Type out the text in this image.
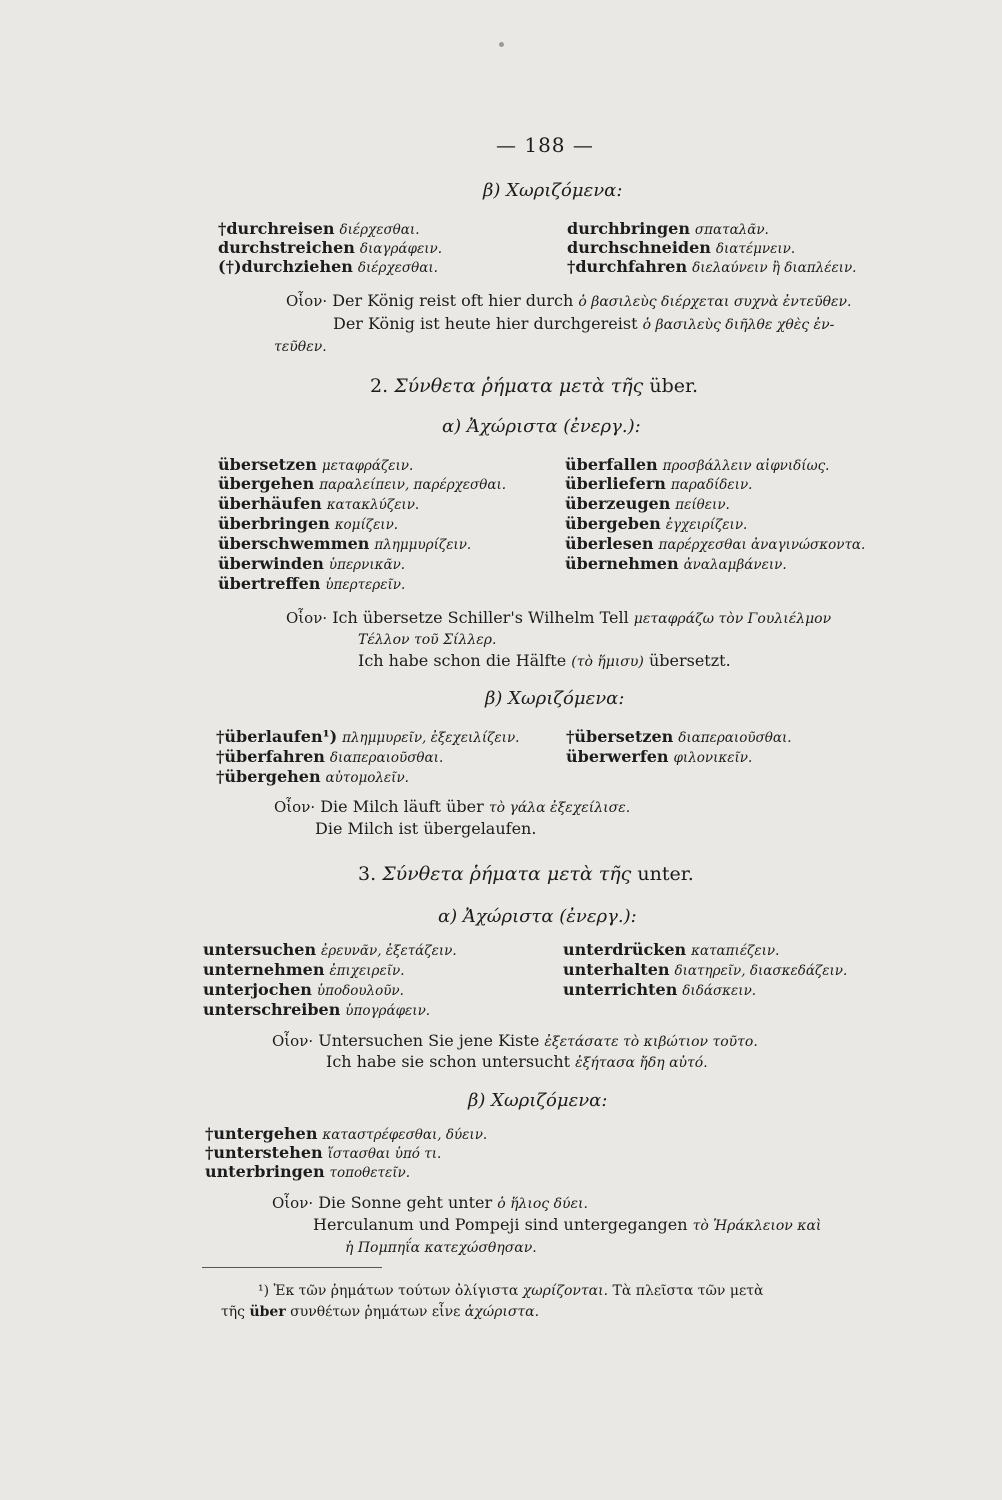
— 188 —
β) Χωριζόμενα:
†durchreisen διέρχεσθαι.
durchstreichen διαγράφειν.
(†)durchziehen διέρχεσθαι.
durchbringen σπαταλᾶν.
durchschneiden διατέμνειν.
†durchfahren διελαύνειν ἢ διαπλέειν.
Οἷον· Der König reist oft hier durch ὁ βασιλεὺς διέρχεται συχνὰ ἐντεῦθεν.
Der König ist heute hier durchgereist ὁ βασιλεὺς διῆλθε χθὲς ἐν-
τεῦθεν.
2. Σύνθετα ῥήματα μετὰ τῆς über.
α) Ἀχώριστα (ἐνεργ.):
übersetzen μεταφράζειν.
übergehen παραλείπειν, παρέρχεσθαι.
überhäufen κατακλύζειν.
überbringen κομίζειν.
überschwemmen πλημμυρίζειν.
überwinden ὑπερνικᾶν.
übertreffen ὑπερτερεῖν.
überfallen προσβάλλειν αἰφνιδίως.
überliefern παραδίδειν.
überzeugen πείθειν.
übergeben ἐγχειρίζειν.
überlesen παρέρχεσθαι ἀναγινώσκοντα.
übernehmen ἀναλαμβάνειν.
Οἷον· Ich übersetze Schiller's Wilhelm Tell μεταφράζω τὸν Γουλιέλμον
Τέλλον τοῦ Σίλλερ.
Ich habe schon die Hälfte (τὸ ἥμισυ) übersetzt.
β) Χωριζόμενα:
†überlaufen¹) πλημμυρεῖν, ἐξεχειλίζειν.
†überfahren διαπεραιοῦσθαι.
†übergehen αὐτομολεῖν.
†übersetzen διαπεραιοῦσθαι.
überwerfen φιλονικεῖν.
Οἷον· Die Milch läuft über τὸ γάλα ἐξεχείλισε.
Die Milch ist übergelaufen.
3. Σύνθετα ῥήματα μετὰ τῆς unter.
α) Ἀχώριστα (ἐνεργ.):
untersuchen ἐρευνᾶν, ἐξετάζειν.
unternehmen ἐπιχειρεῖν.
unterjochen ὑποδουλοῦν.
unterschreiben ὑπογράφειν.
unterdrücken καταπιέζειν.
unterhalten διατηρεῖν, διασκεδάζειν.
unterrichten διδάσκειν.
Οἷον· Untersuchen Sie jene Kiste ἐξετάσατε τὸ κιβώτιον τοῦτο.
Ich habe sie schon untersucht ἐξήτασα ἤδη αὐτό.
β) Χωριζόμενα:
†untergehen καταστρέφεσθαι, δύειν.
†unterstehen ἵστασθαι ὑπό τι.
unterbringen τοποθετεῖν.
Οἷον· Die Sonne geht unter ὁ ἥλιος δύει.
Herculanum und Pompeji sind untergegangen τὸ Ἡράκλειον καὶ
ἡ Πομπηΐα κατεχώσθησαν.
¹) Ἐκ τῶν ῥημάτων τούτων ὀλίγιστα χωρίζονται. Τὰ πλεῖστα τῶν μετὰ
τῆς über συνθέτων ῥημάτων εἶνε ἀχώριστα.
